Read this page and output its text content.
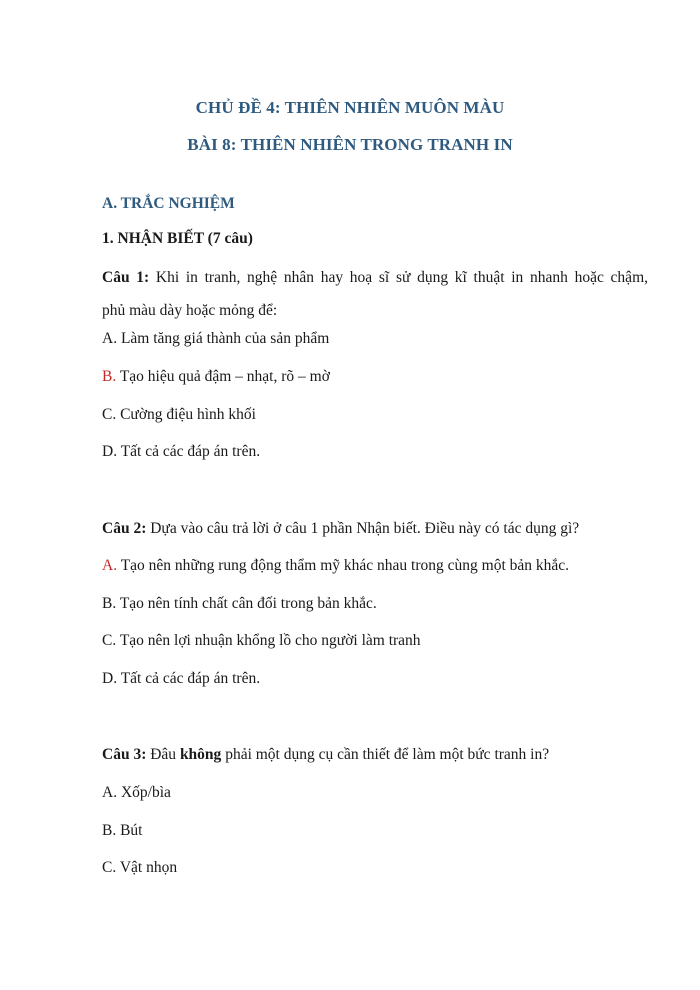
CHỦ ĐỀ 4: THIÊN NHIÊN MUÔN MÀU
BÀI 8: THIÊN NHIÊN TRONG TRANH IN
A. TRẮC NGHIỆM
1. NHẬN BIẾT (7 câu)
Câu 1: Khi in tranh, nghệ nhân hay hoạ sĩ sử dụng kĩ thuật in nhanh hoặc chậm,
phủ màu dày hoặc mỏng để:
A. Làm tăng giá thành của sản phẩm
B. Tạo hiệu quả đậm – nhạt, rõ – mờ
C. Cường điệu hình khối
D. Tất cả các đáp án trên.
Câu 2: Dựa vào câu trả lời ở câu 1 phần Nhận biết. Điều này có tác dụng gì?
A. Tạo nên những rung động thẩm mỹ khác nhau trong cùng một bản khắc.
B. Tạo nên tính chất cân đối trong bản khắc.
C. Tạo nên lợi nhuận khổng lồ cho người làm tranh
D. Tất cả các đáp án trên.
Câu 3: Đâu không phải một dụng cụ cần thiết để làm một bức tranh in?
A. Xốp/bìa
B. Bút
C. Vật nhọn
